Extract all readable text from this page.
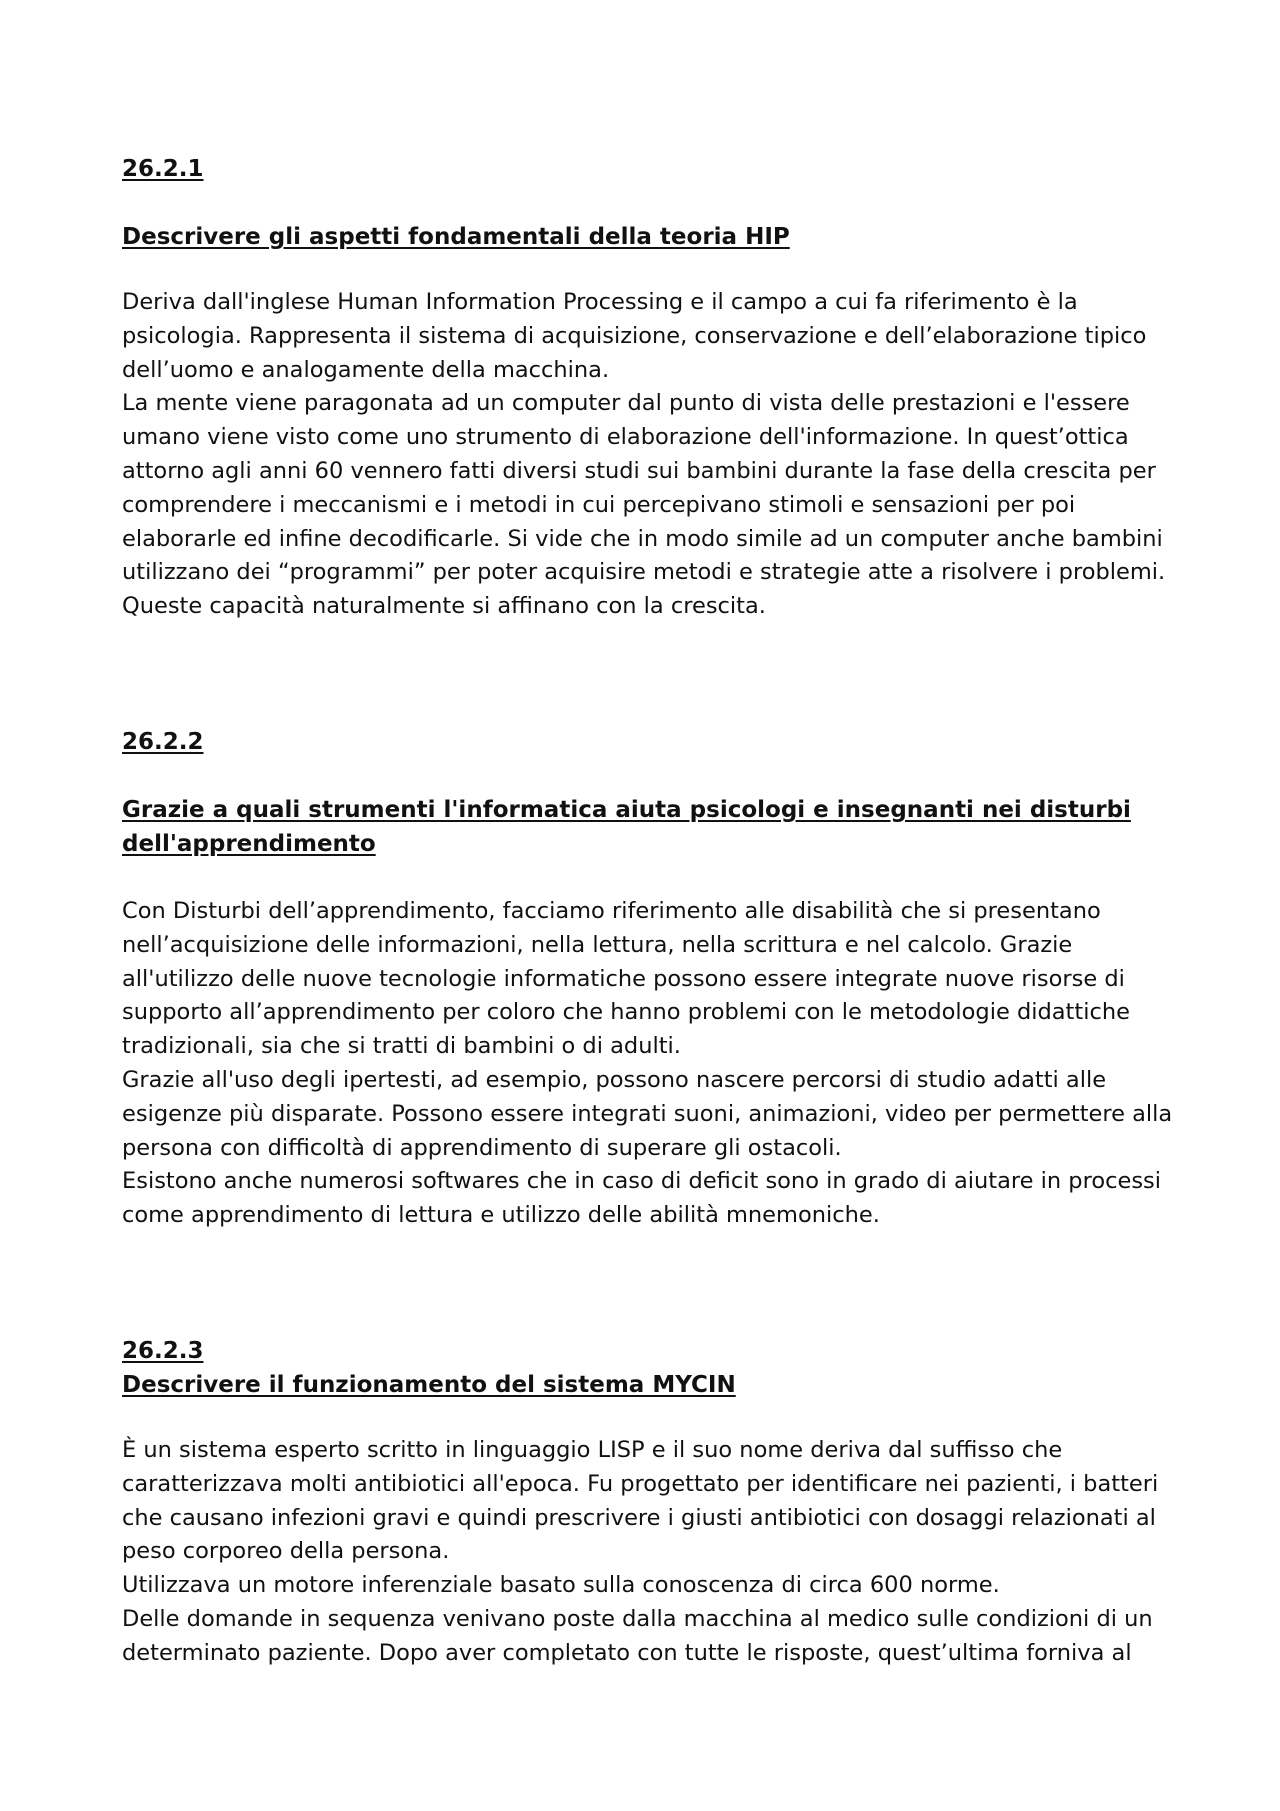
26.2.1

Descrivere gli aspetti fondamentali della teoria HIP

Deriva dall'inglese Human Information Processing e il campo a cui fa riferimento è la psicologia. Rappresenta il sistema di acquisizione, conservazione e dell’elaborazione tipico dell’uomo e analogamente della macchina.

La mente viene paragonata ad un computer dal punto di vista delle prestazioni e l'essere umano viene visto come uno strumento di elaborazione dell'informazione. In quest’ottica attorno agli anni 60 vennero fatti diversi studi sui bambini durante la fase della crescita per comprendere i meccanismi e i metodi in cui percepivano stimoli e sensazioni per poi elaborarle ed infine decodificarle. Si vide che in modo simile ad un computer anche bambini utilizzano dei “programmi” per poter acquisire metodi e strategie atte a risolvere i problemi. Queste capacità naturalmente si affinano con la crescita.

26.2.2

Grazie a quali strumenti l'informatica aiuta psicologi e insegnanti nei disturbi dell'apprendimento

Con Disturbi dell’apprendimento, facciamo riferimento alle disabilità che si presentano nell’acquisizione delle informazioni, nella lettura, nella scrittura e nel calcolo. Grazie all'utilizzo delle nuove tecnologie informatiche possono essere integrate nuove risorse di supporto all’apprendimento per coloro che hanno problemi con le metodologie didattiche tradizionali, sia che si tratti di bambini o di adulti.

Grazie all'uso degli ipertesti, ad esempio, possono nascere percorsi di studio adatti alle esigenze più disparate. Possono essere integrati suoni, animazioni, video per permettere alla persona con difficoltà di apprendimento di superare gli ostacoli.

Esistono anche numerosi softwares che in caso di deficit sono in grado di aiutare in processi come apprendimento di lettura e utilizzo delle abilità mnemoniche.

26.2.3

Descrivere il funzionamento del sistema MYCIN

È un sistema esperto scritto in linguaggio LISP e il suo nome deriva dal suffisso che caratterizzava molti antibiotici all'epoca. Fu progettato per identificare nei pazienti, i batteri che causano infezioni gravi e quindi prescrivere i giusti antibiotici con dosaggi relazionati al peso corporeo della persona.

Utilizzava un motore inferenziale basato sulla conoscenza di circa 600 norme.

Delle domande in sequenza venivano poste dalla macchina al medico sulle condizioni di un determinato paziente. Dopo aver completato con tutte le risposte, quest’ultima forniva al
